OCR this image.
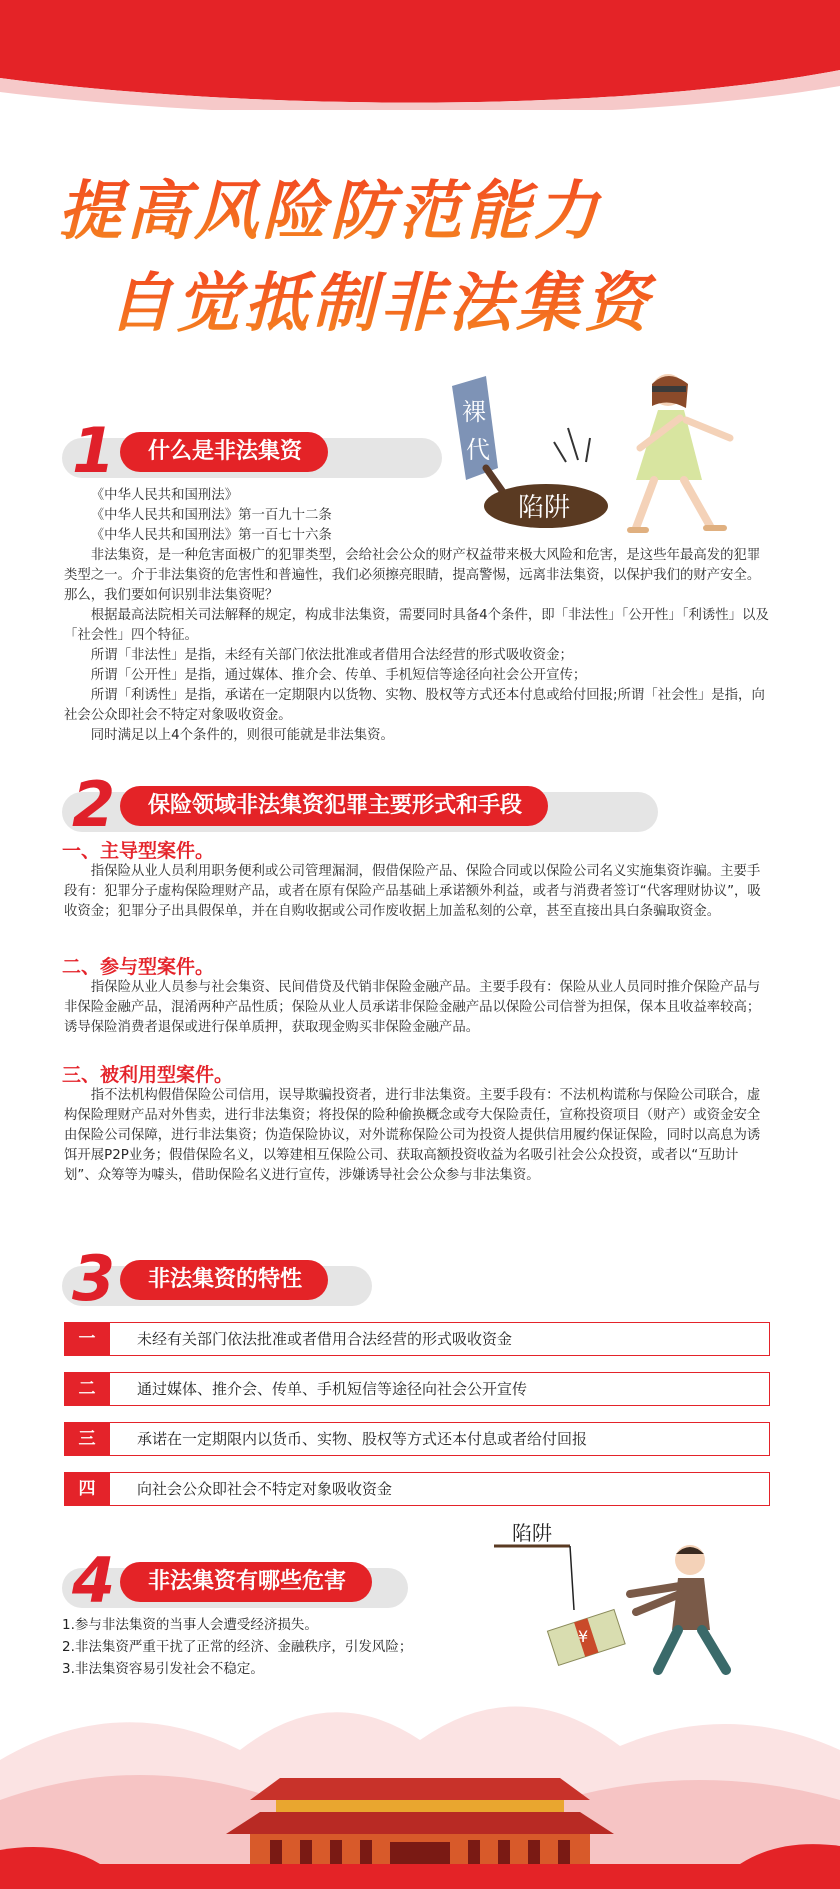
提高风险防范能力
自觉抵制非法集资
1	什么是非法集资
裸
代
陷阱

《中华人民共和国刑法》

《中华人民共和国刑法》第一百九十二条

《中华人民共和国刑法》第一百七十六条

非法集资，是一种危害面极广的犯罪类型，会给社会公众的财产权益带来极大风险和危害，是这些年最高发的犯罪类型之一。介于非法集资的危害性和普遍性，我们必须擦亮眼睛，提高警惕，远离非法集资，以保护我们的财产安全。那么，我们要如何识别非法集资呢？

根据最高法院相关司法解释的规定，构成非法集资，需要同时具备4个条件，即「非法性」「公开性」「利诱性」以及「社会性」四个特征。

所谓「非法性」是指，未经有关部门依法批准或者借用合法经营的形式吸收资金；

所谓「公开性」是指，通过媒体、推介会、传单、手机短信等途径向社会公开宣传；

所谓「利诱性」是指，承诺在一定期限内以货物、实物、股权等方式还本付息或给付回报;所谓「社会性」是指，向社会公众即社会不特定对象吸收资金。

同时满足以上4个条件的，则很可能就是非法集资。

2	保险领域非法集资犯罪主要形式和手段
一、主导型案件。

指保险从业人员利用职务便利或公司管理漏洞，假借保险产品、保险合同或以保险公司名义实施集资诈骗。主要手段有：犯罪分子虚构保险理财产品，或者在原有保险产品基础上承诺额外利益，或者与消费者签订“代客理财协议”，吸收资金；犯罪分子出具假保单，并在自购收据或公司作废收据上加盖私刻的公章，甚至直接出具白条骗取资金。

二、参与型案件。

指保险从业人员参与社会集资、民间借贷及代销非保险金融产品。主要手段有：保险从业人员同时推介保险产品与非保险金融产品，混淆两种产品性质；保险从业人员承诺非保险金融产品以保险公司信誉为担保，保本且收益率较高；诱导保险消费者退保或进行保单质押，获取现金购买非保险金融产品。

三、被利用型案件。

指不法机构假借保险公司信用，误导欺骗投资者，进行非法集资。主要手段有：不法机构谎称与保险公司联合，虚构保险理财产品对外售卖，进行非法集资；将投保的险种偷换概念或夸大保险责任，宣称投资项目（财产）或资金安全由保险公司保障，进行非法集资；伪造保险协议，对外谎称保险公司为投资人提供信用履约保证保险，同时以高息为诱饵开展P2P业务；假借保险名义，以筹建相互保险公司、获取高额投资收益为名吸引社会公众投资，或者以“互助计划”、众筹等为噱头，借助保险名义进行宣传，涉嫌诱导社会公众参与非法集资。

3	非法集资的特性
一	未经有关部门依法批准或者借用合法经营的形式吸收资金
二	通过媒体、推介会、传单、手机短信等途径向社会公开宣传
三	承诺在一定期限内以货币、实物、股权等方式还本付息或者给付回报
四	向社会公众即社会不特定对象吸收资金
4	非法集资有哪些危害
陷阱
¥
1.参与非法集资的当事人会遭受经济损失。
2.非法集资严重干扰了正常的经济、金融秩序，引发风险；
3.非法集资容易引发社会不稳定。
